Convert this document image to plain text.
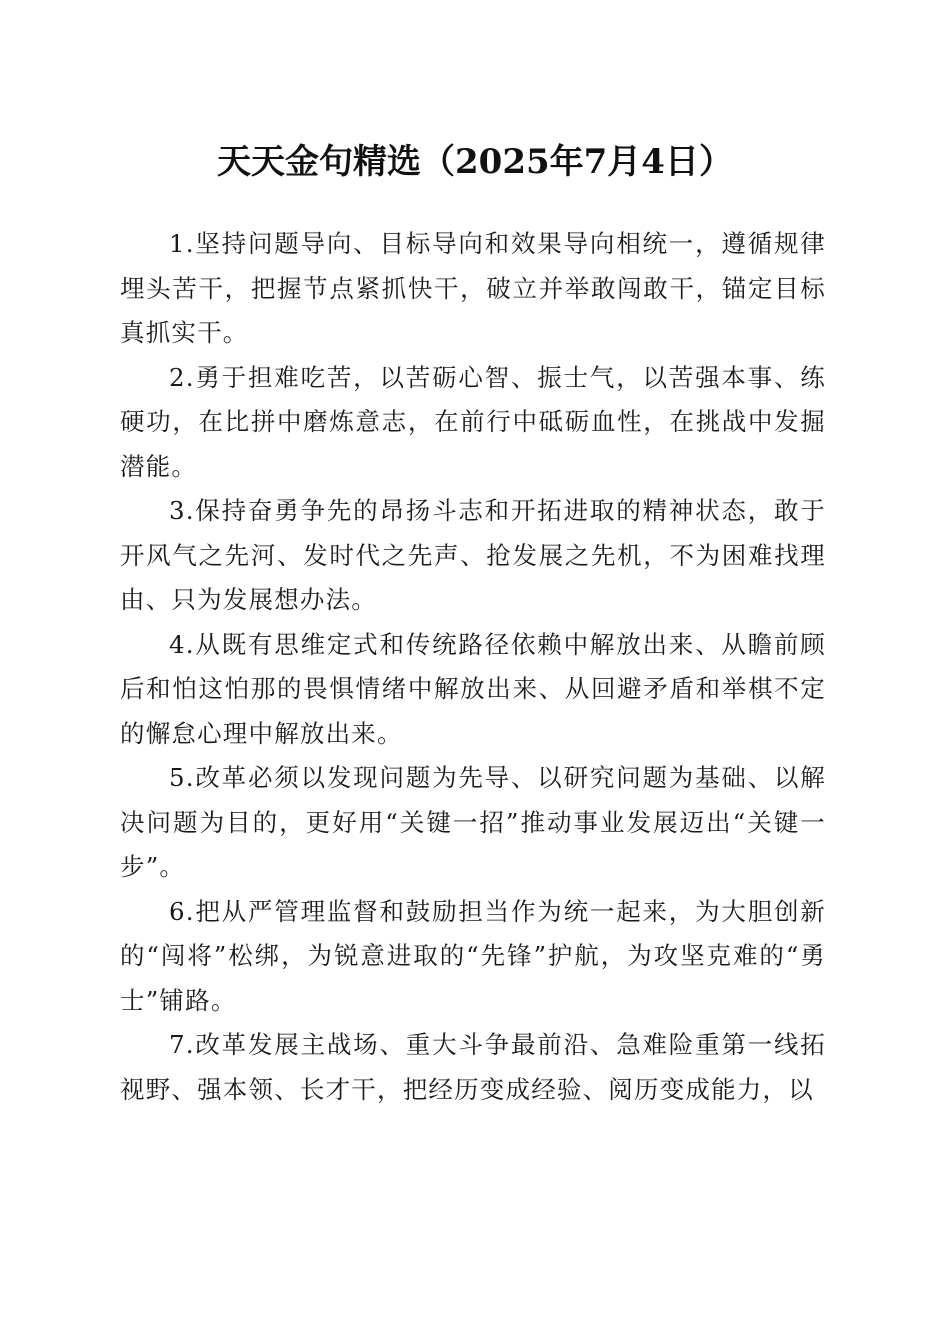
天天金句精选（2025年7月4日）

1.坚持问题导向、目标导向和效果导向相统一，遵循规律埋头苦干，把握节点紧抓快干，破立并举敢闯敢干，锚定目标真抓实干。

2.勇于担难吃苦，以苦砺心智、振士气，以苦强本事、练硬功，在比拼中磨炼意志，在前行中砥砺血性，在挑战中发掘潜能。

3.保持奋勇争先的昂扬斗志和开拓进取的精神状态，敢于开风气之先河、发时代之先声、抢发展之先机，不为困难找理由、只为发展想办法。

4.从既有思维定式和传统路径依赖中解放出来、从瞻前顾后和怕这怕那的畏惧情绪中解放出来、从回避矛盾和举棋不定的懈怠心理中解放出来。

5.改革必须以发现问题为先导、以研究问题为基础、以解决问题为目的，更好用“关键一招”推动事业发展迈出“关键一步”。

6.把从严管理监督和鼓励担当作为统一起来，为大胆创新的“闯将”松绑，为锐意进取的“先锋”护航，为攻坚克难的“勇士”铺路。

7.改革发展主战场、重大斗争最前沿、急难险重第一线拓视野、强本领、长才干，把经历变成经验、阅历变成能力，以
